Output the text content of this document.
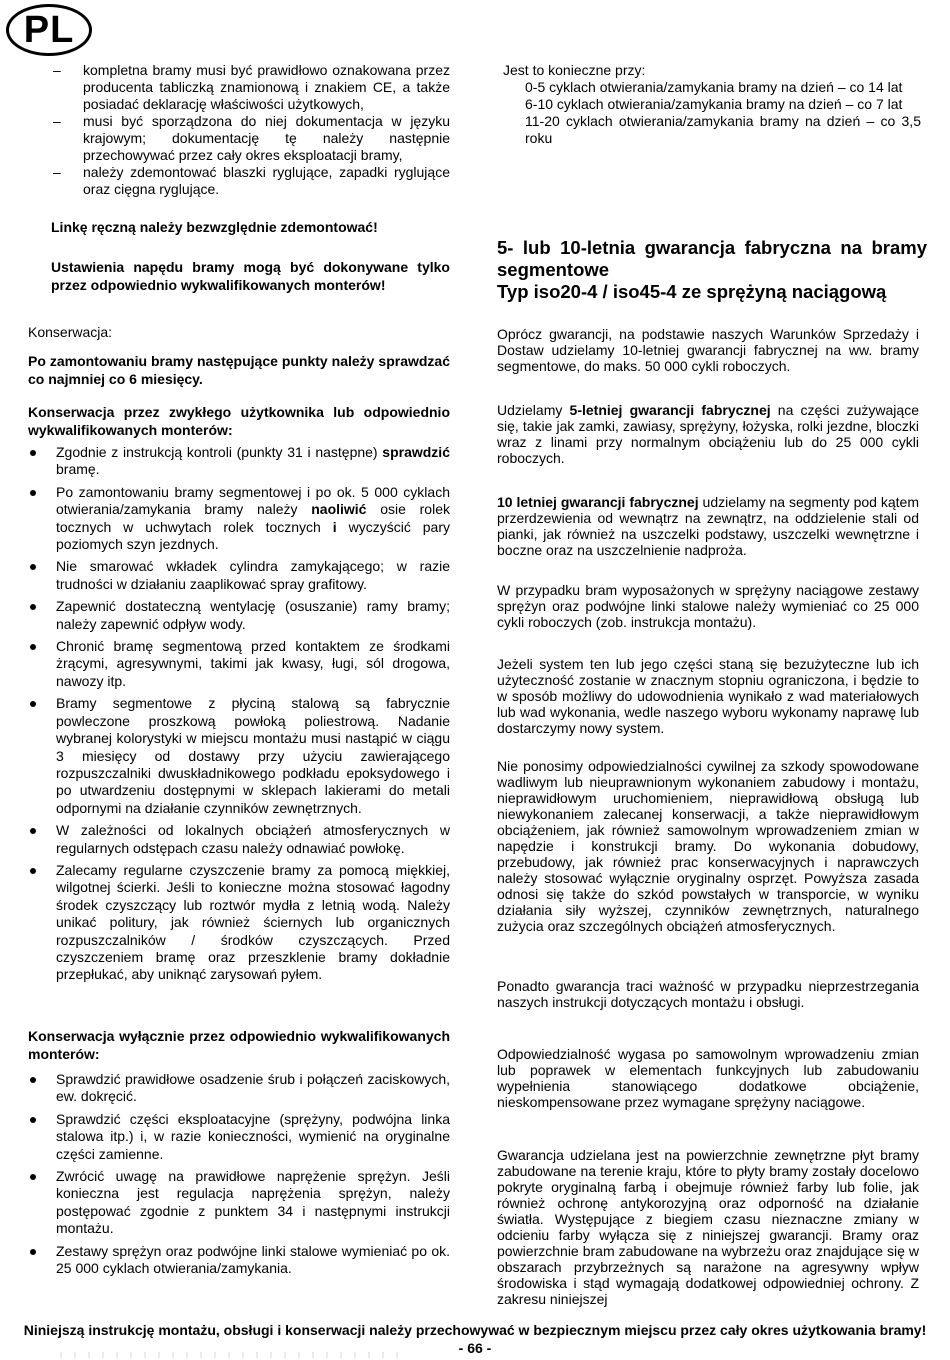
PL
– kompletna bramy musi być prawidłowo oznakowana przez producenta tabliczką znamionową i znakiem CE, a także posiadać deklarację właściwości użytkowych,
– musi być sporządzona do niej dokumentacja w języku krajowym; dokumentację tę należy następnie przechowywać przez cały okres eksploatacji bramy,
– należy zdemontować blaszki ryglujące, zapadki ryglujące oraz cięgna ryglujące.

Linkę ręczną należy bezwzględnie zdemontować!

Ustawienia napędu bramy mogą być dokonywane tylko przez odpowiednio wykwalifikowanych monterów!

Konserwacja:

Po zamontowaniu bramy następujące punkty należy sprawdzać co najmniej co 6 miesięcy.

Konserwacja przez zwykłego użytkownika lub odpowiednio wykwalifikowanych monterów:

Zgodnie z instrukcją kontroli (punkty 31 i następne) sprawdzić bramę.
Po zamontowaniu bramy segmentowej i po ok. 5 000 cyklach otwierania/zamykania bramy należy naoliwić osie rolek tocznych w uchwytach rolek tocznych i wyczyścić pary poziomych szyn jezdnych.
Nie smarować wkładek cylindra zamykającego; w razie trudności w działaniu zaaplikować spray grafitowy.
Zapewnić dostateczną wentylację (osuszanie) ramy bramy; należy zapewnić odpływ wody.
Chronić bramę segmentową przed kontaktem ze środkami żrącymi, agresywnymi, takimi jak kwasy, ługi, sól drogowa, nawozy itp.
Bramy segmentowe z płyciną stalową są fabrycznie powleczone proszkową powłoką poliestrową. Nadanie wybranej kolorystyki w miejscu montażu musi nastąpić w ciągu 3 miesięcy od dostawy przy użyciu zawierającego rozpuszczalniki dwuskładnikowego podkładu epoksydowego i po utwardzeniu dostępnymi w sklepach lakierami do metali odpornymi na działanie czynników zewnętrznych.
W zależności od lokalnych obciążeń atmosferycznych w regularnych odstępach czasu należy odnawiać powłokę.
Zalecamy regularne czyszczenie bramy za pomocą miękkiej, wilgotnej ścierki. Jeśli to konieczne można stosować łagodny środek czyszczący lub roztwór mydła z letnią wodą. Należy unikać politury, jak również ściernych lub organicznych rozpuszczalników / środków czyszczących. Przed czyszczeniem bramę oraz przeszklenie bramy dokładnie przepłukać, aby uniknąć zarysowań pyłem.

Konserwacja wyłącznie przez odpowiednio wykwalifikowanych monterów:

Sprawdzić prawidłowe osadzenie śrub i połączeń zaciskowych, ew. dokręcić.
Sprawdzić części eksploatacyjne (sprężyny, podwójna linka stalowa itp.) i, w razie konieczności, wymienić na oryginalne części zamienne.
Zwrócić uwagę na prawidłowe naprężenie sprężyn. Jeśli konieczna jest regulacja naprężenia sprężyn, należy postępować zgodnie z punktem 34 i następnymi instrukcji montażu.
Zestawy sprężyn oraz podwójne linki stalowe wymieniać po ok. 25 000 cyklach otwierania/zamykania.

Jest to konieczne przy:

0-5 cyklach otwierania/zamykania bramy na dzień – co 14 lat
6-10 cyklach otwierania/zamykania bramy na dzień – co 7 lat
11-20 cyklach otwierania/zamykania bramy na dzień – co 3,5 roku

5- lub 10-letnia gwarancja fabryczna na bramy segmentowe

Typ iso20-4 / iso45-4 ze sprężyną naciągową

Oprócz gwarancji, na podstawie naszych Warunków Sprzedaży i Dostaw udzielamy 10-letniej gwarancji fabrycznej na ww. bramy segmentowe, do maks. 50 000 cykli roboczych.

Udzielamy 5-letniej gwarancji fabrycznej na części zużywające się, takie jak zamki, zawiasy, sprężyny, łożyska, rolki jezdne, bloczki wraz z linami przy normalnym obciążeniu lub do 25 000 cykli roboczych.

10 letniej gwarancji fabrycznej udzielamy na segmenty pod kątem przerdzewienia od wewnątrz na zewnątrz, na oddzielenie stali od pianki, jak również na uszczelki podstawy, uszczelki wewnętrzne i boczne oraz na uszczelnienie nadproża.

W przypadku bram wyposażonych w sprężyny naciągowe zestawy sprężyn oraz podwójne linki stalowe należy wymieniać co 25 000 cykli roboczych (zob. instrukcja montażu).

Jeżeli system ten lub jego części staną się bezużyteczne lub ich użyteczność zostanie w znacznym stopniu ograniczona, i będzie to w sposób możliwy do udowodnienia wynikało z wad materiałowych lub wad wykonania, wedle naszego wyboru wykonamy naprawę lub dostarczymy nowy system.

Nie ponosimy odpowiedzialności cywilnej za szkody spowodowane wadliwym lub nieuprawnionym wykonaniem zabudowy i montażu, nieprawidłowym uruchomieniem, nieprawidłową obsługą lub niewykonaniem zalecanej konserwacji, a także nieprawidłowym obciążeniem, jak również samowolnym wprowadzeniem zmian w napędzie i konstrukcji bramy. Do wykonania dobudowy, przebudowy, jak również prac konserwacyjnych i naprawczych należy stosować wyłącznie oryginalny osprzęt. Powyższa zasada odnosi się także do szkód powstałych w transporcie, w wyniku działania siły wyższej, czynników zewnętrznych, naturalnego zużycia oraz szczególnych obciążeń atmosferycznych.

Ponadto gwarancja traci ważność w przypadku nieprzestrzegania naszych instrukcji dotyczących montażu i obsługi.

Odpowiedzialność wygasa po samowolnym wprowadzeniu zmian lub poprawek w elementach funkcyjnych lub zabudowaniu wypełnienia stanowiącego dodatkowe obciążenie, nieskompensowane przez wymagane sprężyny naciągowe.

Gwarancja udzielana jest na powierzchnie zewnętrzne płyt bramy zabudowane na terenie kraju, które to płyty bramy zostały docelowo pokryte oryginalną farbą i obejmuje również farby lub folie, jak również ochronę antykorozyjną oraz odporność na działanie światła. Występujące z biegiem czasu nieznaczne zmiany w odcieniu farby wyłącza się z niniejszej gwarancji. Bramy oraz powierzchnie bram zabudowane na wybrzeżu oraz znajdujące się w obszarach przybrzeżnych są narażone na agresywny wpływ środowiska i stąd wymagają dodatkowej odpowiedniej ochrony. Z zakresu niniejszej

Niniejszą instrukcję montażu, obsługi i konserwacji należy przechowywać w bezpiecznym miejscu przez cały okres użytkowania bramy!
- 66 -
